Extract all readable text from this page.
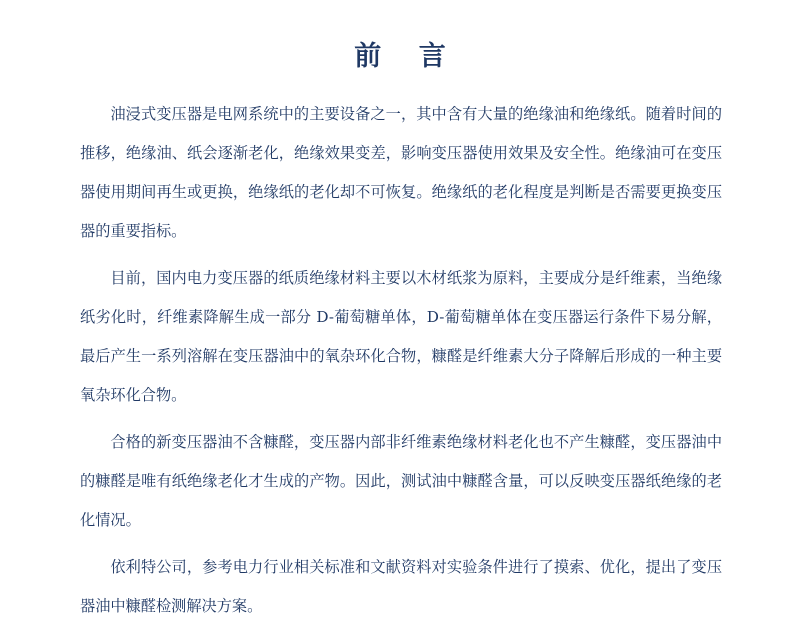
前 言

油浸式变压器是电网系统中的主要设备之一，其中含有大量的绝缘油和绝缘纸。随着时间的推移，绝缘油、纸会逐渐老化，绝缘效果变差，影响变压器使用效果及安全性。绝缘油可在变压器使用期间再生或更换，绝缘纸的老化却不可恢复。绝缘纸的老化程度是判断是否需要更换变压器的重要指标。

目前，国内电力变压器的纸质绝缘材料主要以木材纸浆为原料，主要成分是纤维素，当绝缘纸劣化时，纤维素降解生成一部分 D-葡萄糖单体，D-葡萄糖单体在变压器运行条件下易分解，最后产生一系列溶解在变压器油中的氧杂环化合物，糠醛是纤维素大分子降解后形成的一种主要氧杂环化合物。

合格的新变压器油不含糠醛，变压器内部非纤维素绝缘材料老化也不产生糠醛，变压器油中的糠醛是唯有纸绝缘老化才生成的产物。因此，测试油中糠醛含量，可以反映变压器纸绝缘的老化情况。

依利特公司，参考电力行业相关标准和文献资料对实验条件进行了摸索、优化，提出了变压器油中糠醛检测解决方案。
